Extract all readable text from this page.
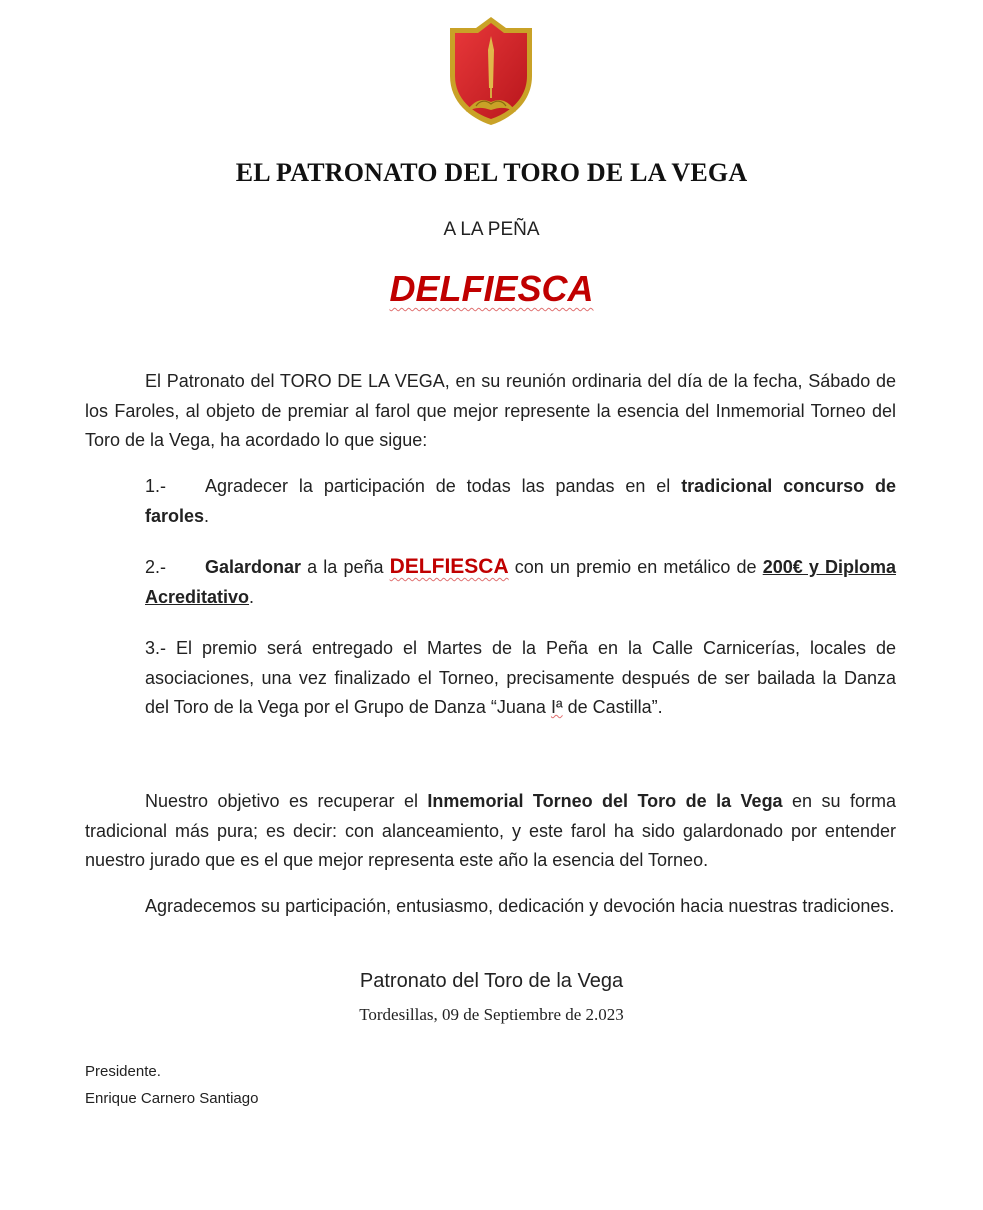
EL PATRONATO DEL TORO DE LA VEGA
A LA PEÑA
DELFIESCA

El Patronato del TORO DE LA VEGA, en su reunión ordinaria del día de la fecha, Sábado de los Faroles, al objeto de premiar al farol que mejor represente la esencia del Inmemorial Torneo del Toro de la Vega, ha acordado lo que sigue:

1.- Agradecer la participación de todas las pandas en el tradicional concurso de faroles.

2.- Galardonar a la peña DELFIESCA con un premio en metálico de 200€ y Diploma Acreditativo.

3.- El premio será entregado el Martes de la Peña en la Calle Carnicerías, locales de asociaciones, una vez finalizado el Torneo, precisamente después de ser bailada la Danza del Toro de la Vega por el Grupo de Danza “Juana Iª de Castilla”.

Nuestro objetivo es recuperar el Inmemorial Torneo del Toro de la Vega en su forma tradicional más pura; es decir: con alanceamiento, y este farol ha sido galardonado por entender nuestro jurado que es el que mejor representa este año la esencia del Torneo.

Agradecemos su participación, entusiasmo, dedicación y devoción hacia nuestras tradiciones.

Patronato del Toro de la Vega
Tordesillas, 09 de Septiembre de 2.023
Presidente.
Enrique Carnero Santiago
